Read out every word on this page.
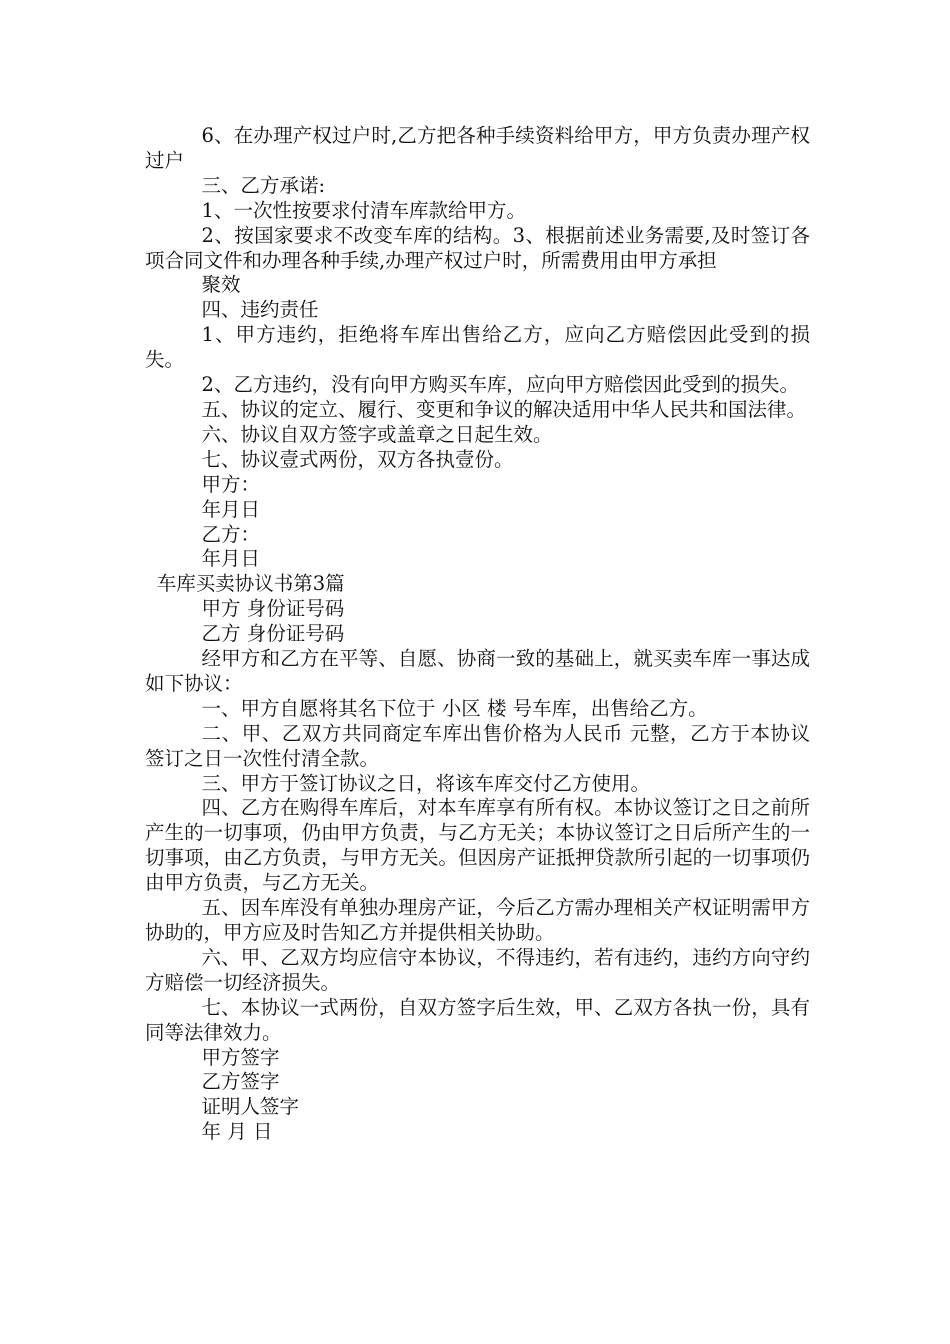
6、在办理产权过户时,乙方把各种手续资料给甲方，甲方负责办理产权过户

三、乙方承诺:

1、一次性按要求付清车库款给甲方。

2、按国家要求不改变车库的结构。3、根据前述业务需要,及时签订各项合同文件和办理各种手续,办理产权过户时，所需费用由甲方承担

聚效

四、违约责任

1、甲方违约，拒绝将车库出售给乙方，应向乙方赔偿因此受到的损失。

2、乙方违约，没有向甲方购买车库，应向甲方赔偿因此受到的损失。

五、协议的定立、履行、变更和争议的解决适用中华人民共和国法律。

六、协议自双方签字或盖章之日起生效。

七、协议壹式两份，双方各执壹份。

甲方：

年月日

乙方：

年月日

车库买卖协议书第3篇

甲方 身份证号码

乙方 身份证号码

经甲方和乙方在平等、自愿、协商一致的基础上，就买卖车库一事达成如下协议：

一、甲方自愿将其名下位于 小区 楼 号车库，出售给乙方。

二、甲、乙双方共同商定车库出售价格为人民币 元整，乙方于本协议签订之日一次性付清全款。

三、甲方于签订协议之日，将该车库交付乙方使用。

四、乙方在购得车库后，对本车库享有所有权。本协议签订之日之前所产生的一切事项，仍由甲方负责，与乙方无关；本协议签订之日后所产生的一切事项，由乙方负责，与甲方无关。但因房产证抵押贷款所引起的一切事项仍由甲方负责，与乙方无关。

五、因车库没有单独办理房产证，今后乙方需办理相关产权证明需甲方协助的，甲方应及时告知乙方并提供相关协助。

六、甲、乙双方均应信守本协议，不得违约，若有违约，违约方向守约方赔偿一切经济损失。

七、本协议一式两份，自双方签字后生效，甲、乙双方各执一份，具有同等法律效力。

甲方签字

乙方签字

证明人签字

年 月 日
